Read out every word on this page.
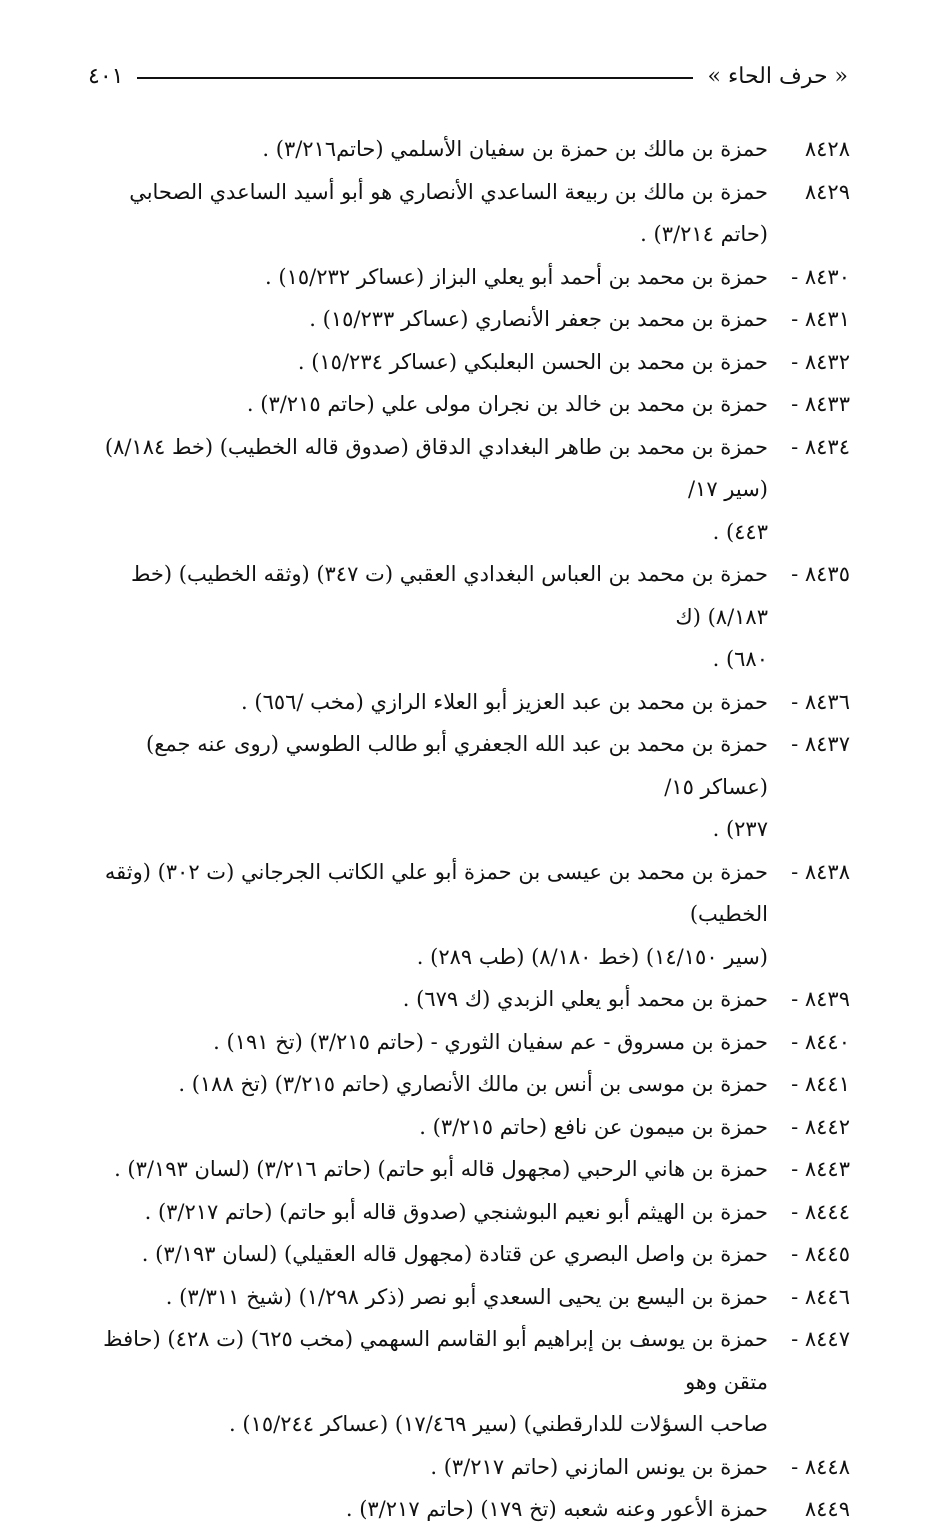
« حرف الحاء »
٤٠١
٨٤٢٨
حمزة بن مالك بن حمزة بن سفيان الأسلمي (حاتم٣/٢١٦) .
٨٤٢٩
حمزة بن مالك بن ربيعة الساعدي الأنصاري هو أبو أسيد الساعدي الصحابي (حاتم ٣/٢١٤) .
٨٤٣٠ -
حمزة بن محمد بن أحمد أبو يعلي البزاز (عساكر ١٥/٢٣٢) .
٨٤٣١ -
حمزة بن محمد بن جعفر الأنصاري (عساكر ١٥/٢٣٣) .
٨٤٣٢ -
حمزة بن محمد بن الحسن البعلبكي (عساكر ١٥/٢٣٤) .
٨٤٣٣ -
حمزة بن محمد بن خالد بن نجران مولى علي (حاتم ٣/٢١٥) .
٨٤٣٤ -
حمزة بن محمد بن طاهر البغدادي الدقاق (صدوق قاله الخطيب) (خط ٨/١٨٤) (سير ١٧/
٤٤٣) .
٨٤٣٥ -
حمزة بن محمد بن العباس البغدادي العقبي (ت ٣٤٧) (وثقه الخطيب) (خط ٨/١٨٣) (ك
٦٨٠) .
٨٤٣٦ -
حمزة بن محمد بن عبد العزيز أبو العلاء الرازي (مخب /٦٥٦) .
٨٤٣٧ -
حمزة بن محمد بن عبد الله الجعفري أبو طالب الطوسي (روى عنه جمع) (عساكر ١٥/
٢٣٧) .
٨٤٣٨ -
حمزة بن محمد بن عيسى بن حمزة أبو علي الكاتب الجرجاني (ت ٣٠٢) (وثقه الخطيب)
(سير ١٤/١٥٠) (خط ٨/١٨٠) (طب ٢٨٩) .
٨٤٣٩ -
حمزة بن محمد أبو يعلي الزبدي (ك ٦٧٩) .
٨٤٤٠ -
حمزة بن مسروق - عم سفيان الثوري - (حاتم ٣/٢١٥) (تخ ١٩١) .
٨٤٤١ -
حمزة بن موسى بن أنس بن مالك الأنصاري (حاتم ٣/٢١٥) (تخ ١٨٨) .
٨٤٤٢ -
حمزة بن ميمون عن نافع (حاتم ٣/٢١٥) .
٨٤٤٣ -
حمزة بن هاني الرحبي (مجهول قاله أبو حاتم) (حاتم ٣/٢١٦) (لسان ٣/١٩٣) .
٨٤٤٤ -
حمزة بن الهيثم أبو نعيم البوشنجي (صدوق قاله أبو حاتم) (حاتم ٣/٢١٧) .
٨٤٤٥ -
حمزة بن واصل البصري عن قتادة (مجهول قاله العقيلي) (لسان ٣/١٩٣) .
٨٤٤٦ -
حمزة بن اليسع بن يحيى السعدي أبو نصر (ذكر ١/٢٩٨) (شيخ ٣/٣١١) .
٨٤٤٧ -
حمزة بن يوسف بن إبراهيم أبو القاسم السهمي (مخب ٦٢٥) (ت ٤٢٨) (حافظ متقن وهو
صاحب السؤلات للدارقطني) (سير ١٧/٤٦٩) (عساكر ١٥/٢٤٤) .
٨٤٤٨ -
حمزة بن يونس المازني (حاتم ٣/٢١٧) .
٨٤٤٩
حمزة الأعور وعنه شعبه (تخ ١٧٩) (حاتم ٣/٢١٧) .
